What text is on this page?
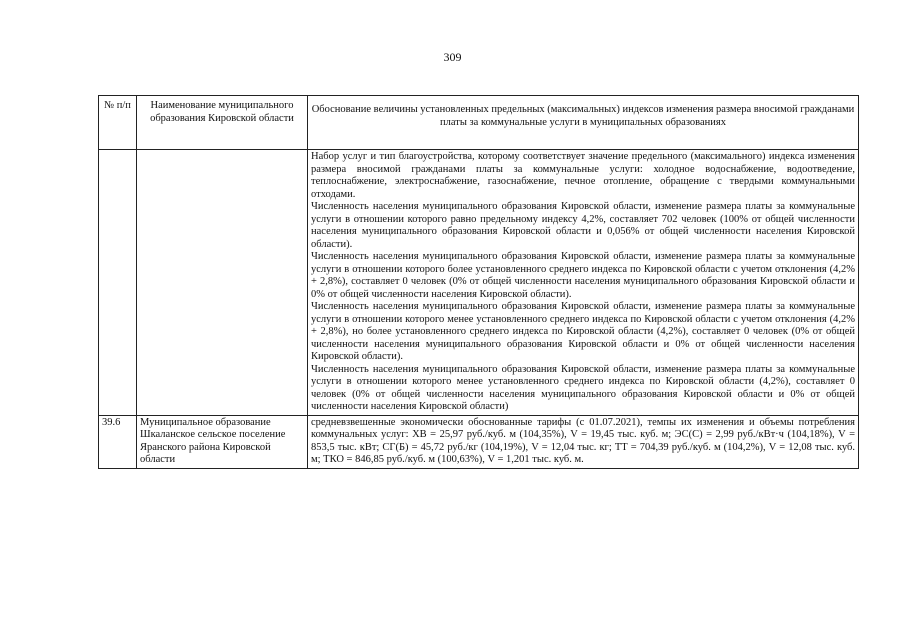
309
№ п/п	Наименование муниципального образования Кировской области	Обоснование величины установленных предельных (максимальных) индексов изменения размера вносимой гражданами платы за коммунальные услуги в муниципальных образованиях

		Набор услуг и тип благоустройства, которому соответствует значение предельного (максимального) индекса изменения размера вносимой гражданами платы за коммунальные услуги: холодное водоснабжение, водоотведение, теплоснабжение, электроснабжение, газоснабжение, печное отопление, обращение с твердыми коммунальными отходами.

Численность населения муниципального образования Кировской области, изменение размера платы за коммунальные услуги в отношении которого равно предельному индексу 4,2%, составляет 702 человек (100% от общей численности населения муниципального образования Кировской области и 0,056% от общей численности населения Кировской области).

Численность населения муниципального образования Кировской области, изменение размера платы за коммунальные услуги в отношении которого более установленного среднего индекса по Кировской области с учетом отклонения (4,2% + 2,8%), составляет 0 человек (0% от общей численности населения муниципального образования Кировской области и 0% от общей численности населения Кировской области).

Численность населения муниципального образования Кировской области, изменение размера платы за коммунальные услуги в отношении которого менее установленного среднего индекса по Кировской области с учетом отклонения (4,2% + 2,8%), но более установленного среднего индекса по Кировской области (4,2%), составляет 0 человек (0% от общей численности населения муниципального образования Кировской области и 0% от общей численности населения Кировской области).

Численность населения муниципального образования Кировской области, изменение размера платы за коммунальные услуги в отношении которого менее установленного среднего индекса по Кировской области (4,2%), составляет 0 человек (0% от общей численности населения муниципального образования Кировской области и 0% от общей численности населения Кировской области)

39.6	Муниципальное образование Шкаланское сельское поселение Яранского района Кировской области	средневзвешенные экономически обоснованные тарифы (с 01.07.2021), темпы их изменения и объемы потребления коммунальных услуг: ХВ = 25,97 руб./куб. м (104,35%), V = 19,45 тыс. куб. м; ЭС(С) = 2,99 руб./кВт·ч (104,18%), V = 853,5 тыс. кВт; СГ(Б) = 45,72 руб./кг (104,19%), V = 12,04 тыс. кг; ТТ = 704,39 руб./куб. м (104,2%), V = 12,08 тыс. куб. м; ТКО = 846,85 руб./куб. м (100,63%), V = 1,201 тыс. куб. м.
